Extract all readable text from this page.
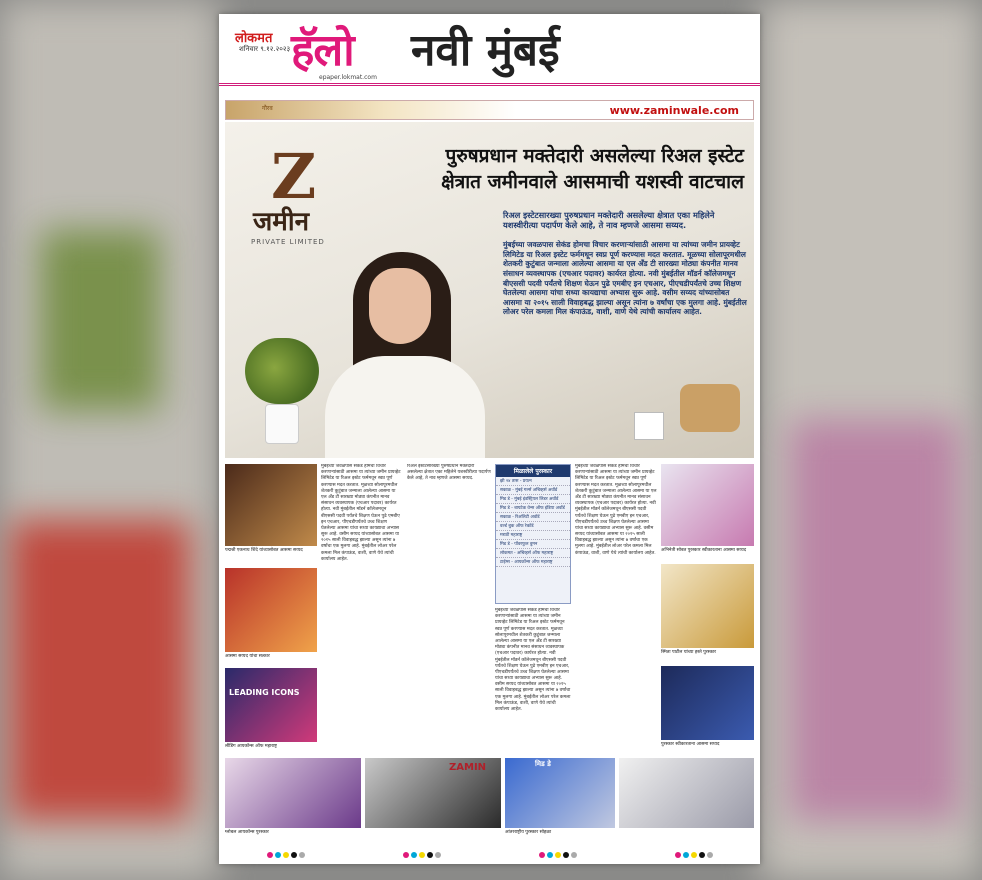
लोकमत
शनिवार ९.१२.२०२३ हॅलो नवी मुंबई
epaper.lokmat.com
गौरव	www.zaminwale.com
Z
जमीन
PRIVATE LIMITED
पुरुषप्रधान मक्तेदारी असलेल्या रिअल इस्टेट
क्षेत्रात जमीनवाले आसमाची यशस्वी वाटचाल
रिअल इस्टेटसारख्या पुरुषप्रधान मक्तेदारी असलेल्या क्षेत्रात एका महिलेने यशस्वीरीत्या पदार्पण केले आहे, ते नाव म्हणजे आसमा सय्यद.
मुंबईच्या जवळपास सेकंड होमचा विचार करणाऱ्यांसाठी आसमा या त्यांच्या जमीन प्रायव्हेट लिमिटेड या रिअल इस्टेट फर्ममधून स्वप्न पूर्ण करण्यास मदत करतात. मूळच्या सोलापूरमधील शेतकरी कुटुंबात जन्माला आलेल्या आसमा या एल अँड टी सारख्या मोठ्या कंपनीत मानव संसाधन व्यवस्थापक (एचआर पदावर) कार्यरत होत्या. नवी मुंबईतील मॉडर्न कॉलेजमधून बीएससी पदवी पर्यंतचे शिक्षण घेऊन पुढे एमबीए इन एचआर, पीएचडीपर्यंतचे उच्च शिक्षण घेतलेल्या आसमा यांचा सध्या कायद्याचा अभ्यास सुरू आहे. वसीम सय्यद यांच्यासोबत आसमा या २०१५ साली विवाहबद्ध झाल्या असून त्यांना ७ वर्षांचा एक मुलगा आहे. मुंबईतील लोअर परेल कमला मिल कंपाऊंड, वाशी, वाणे येथे त्यांची कार्यालय आहेत.
पद्मश्री एकनाथ शिंदे यांच्यासोबत आसमा सय्यद
आसमा सय्यद यांचा सत्कार
LEADING ICONS
लीडिंग आयकॉन्स ऑफ महाराष्ट्र
मुंबईच्या जवळपास सेकंड होमचा विचार करणाऱ्यांसाठी आसमा या त्यांच्या जमीन प्रायव्हेट लिमिटेड या रिअल इस्टेट फर्ममधून स्वप्न पूर्ण करण्यास मदत करतात. मूळच्या सोलापूरमधील शेतकरी कुटुंबात जन्माला आलेल्या आसमा या एल अँड टी सारख्या मोठ्या कंपनीत मानव संसाधन व्यवस्थापक (एचआर पदावर) कार्यरत होत्या. नवी मुंबईतील मॉडर्न कॉलेजमधून बीएससी पदवी पर्यंतचे शिक्षण घेऊन पुढे एमबीए इन एचआर, पीएचडीपर्यंतचे उच्च शिक्षण घेतलेल्या आसमा यांचा सध्या कायद्याचा अभ्यास सुरू आहे. वसीम सय्यद यांच्यासोबत आसमा या २०१५ साली विवाहबद्ध झाल्या असून त्यांना ७ वर्षांचा एक मुलगा आहे. मुंबईतील लोअर परेल कमला मिल कंपाऊंड, वाशी, वाणे येथे त्यांची कार्यालय आहेत.
रिअल इस्टेटसारख्या पुरुषप्रधान मक्तेदारी असलेल्या क्षेत्रात एका महिलेने यशस्वीरीत्या पदार्पण केले आहे, ते नाव म्हणजे आसमा सय्यद.
मिळालेले पुरस्कार
झी २४ तास - प्रयत्न
सकाळ - मुंबई गर्ल्स अचिव्हर्स अवॉर्ड
मिड डे - मुंबई इंडस्ट्रियल लिडर अवॉर्ड
मिड डे - बायटेक वेन्स ऑफ इंडिया अवॉर्ड
सकाळ - रिअलिटी अवॉर्ड
वर्ल्ड बुक ऑफ रेकॉर्ड
मराठी महाराष्ट्र
मिड डे - पॉवरफुल वुमन
लोकमत - अचिव्हर्स ऑफ महाराष्ट्र
टाईम्स - आयकॉन्स ऑफ महाराष्ट्र
मुंबईच्या जवळपास सेकंड होमचा विचार करणाऱ्यांसाठी आसमा या त्यांच्या जमीन प्रायव्हेट लिमिटेड या रिअल इस्टेट फर्ममधून स्वप्न पूर्ण करण्यास मदत करतात. मूळच्या सोलापूरमधील शेतकरी कुटुंबात जन्माला आलेल्या आसमा या एल अँड टी सारख्या मोठ्या कंपनीत मानव संसाधन व्यवस्थापक (एचआर पदावर) कार्यरत होत्या. नवी मुंबईतील मॉडर्न कॉलेजमधून बीएससी पदवी पर्यंतचे शिक्षण घेऊन पुढे एमबीए इन एचआर, पीएचडीपर्यंतचे उच्च शिक्षण घेतलेल्या आसमा यांचा सध्या कायद्याचा अभ्यास सुरू आहे. वसीम सय्यद यांच्यासोबत आसमा या २०१५ साली विवाहबद्ध झाल्या असून त्यांना ७ वर्षांचा एक मुलगा आहे. मुंबईतील लोअर परेल कमला मिल कंपाऊंड, वाशी, वाणे येथे त्यांची कार्यालय आहेत.
मुंबईच्या जवळपास सेकंड होमचा विचार करणाऱ्यांसाठी आसमा या त्यांच्या जमीन प्रायव्हेट लिमिटेड या रिअल इस्टेट फर्ममधून स्वप्न पूर्ण करण्यास मदत करतात. मूळच्या सोलापूरमधील शेतकरी कुटुंबात जन्माला आलेल्या आसमा या एल अँड टी सारख्या मोठ्या कंपनीत मानव संसाधन व्यवस्थापक (एचआर पदावर) कार्यरत होत्या. नवी मुंबईतील मॉडर्न कॉलेजमधून बीएससी पदवी पर्यंतचे शिक्षण घेऊन पुढे एमबीए इन एचआर, पीएचडीपर्यंतचे उच्च शिक्षण घेतलेल्या आसमा यांचा सध्या कायद्याचा अभ्यास सुरू आहे. वसीम सय्यद यांच्यासोबत आसमा या २०१५ साली विवाहबद्ध झाल्या असून त्यांना ७ वर्षांचा एक मुलगा आहे. मुंबईतील लोअर परेल कमला मिल कंपाऊंड, वाशी, वाणे येथे त्यांची कार्यालय आहेत.
अभिनेत्री सोबत पुरस्कार स्वीकारताना आसमा सय्यद
स्मिता पाटील यांच्या हस्ते पुरस्कार
पुरस्कार स्वीकारताना आसमा सय्यद
ZAMIN	मिड डे
ग्लोबल आयकॉन्स पुरस्कार	आंतरराष्ट्रीय पुरस्कार सोहळा
